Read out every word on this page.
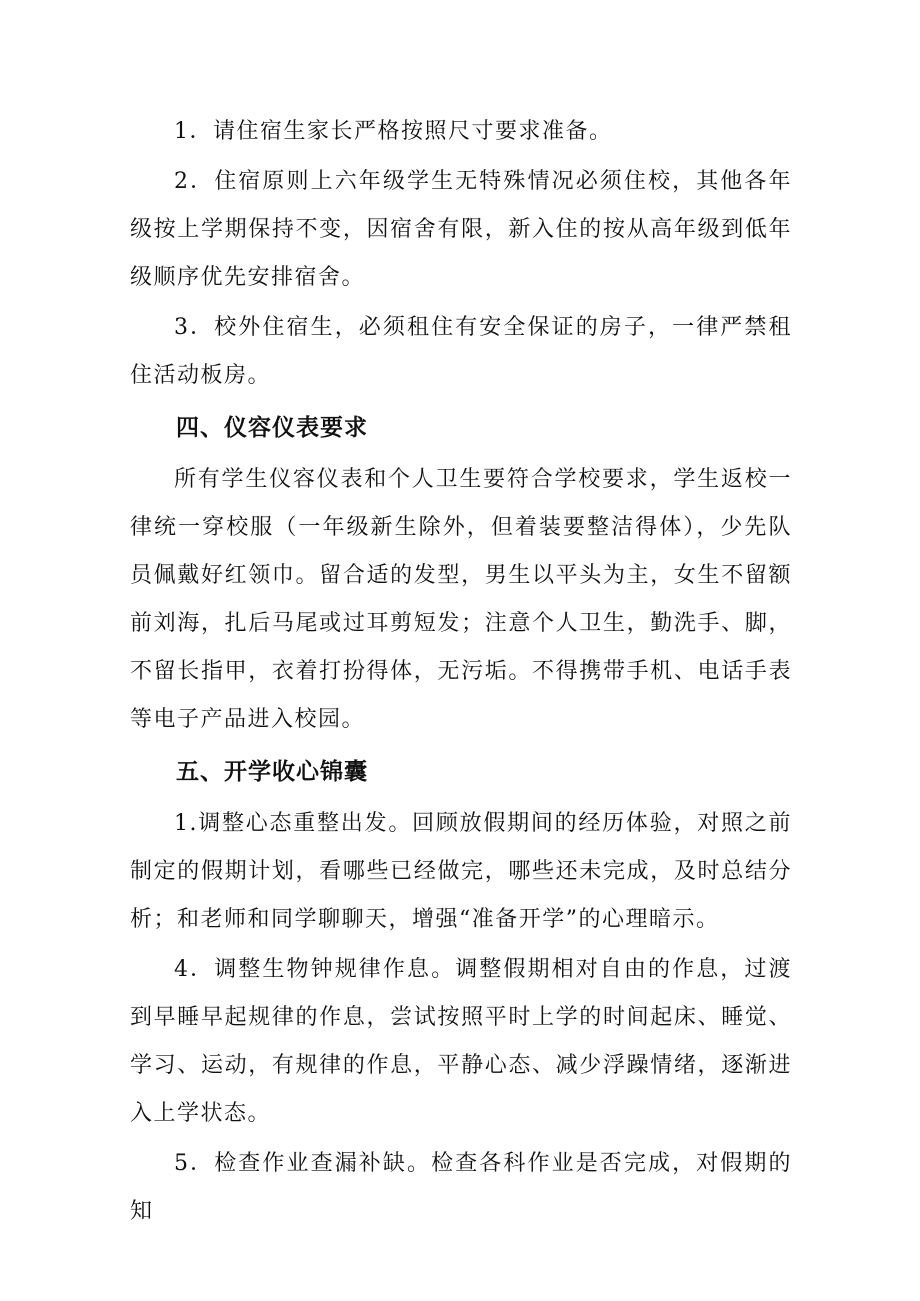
1．请住宿生家长严格按照尺寸要求准备。

2．住宿原则上六年级学生无特殊情况必须住校，其他各年级按上学期保持不变，因宿舍有限，新入住的按从高年级到低年级顺序优先安排宿舍。

3．校外住宿生，必须租住有安全保证的房子，一律严禁租住活动板房。

四、仪容仪表要求

所有学生仪容仪表和个人卫生要符合学校要求，学生返校一律统一穿校服（一年级新生除外，但着装要整洁得体），少先队员佩戴好红领巾。留合适的发型，男生以平头为主，女生不留额前刘海，扎后马尾或过耳剪短发；注意个人卫生，勤洗手、脚，不留长指甲，衣着打扮得体，无污垢。不得携带手机、电话手表等电子产品进入校园。

五、开学收心锦囊

1.调整心态重整出发。回顾放假期间的经历体验，对照之前制定的假期计划，看哪些已经做完，哪些还未完成，及时总结分析；和老师和同学聊聊天，增强“准备开学”的心理暗示。

4．调整生物钟规律作息。调整假期相对自由的作息，过渡到早睡早起规律的作息，尝试按照平时上学的时间起床、睡觉、学习、运动，有规律的作息，平静心态、减少浮躁情绪，逐渐进入上学状态。

5．检查作业查漏补缺。检查各科作业是否完成，对假期的知
